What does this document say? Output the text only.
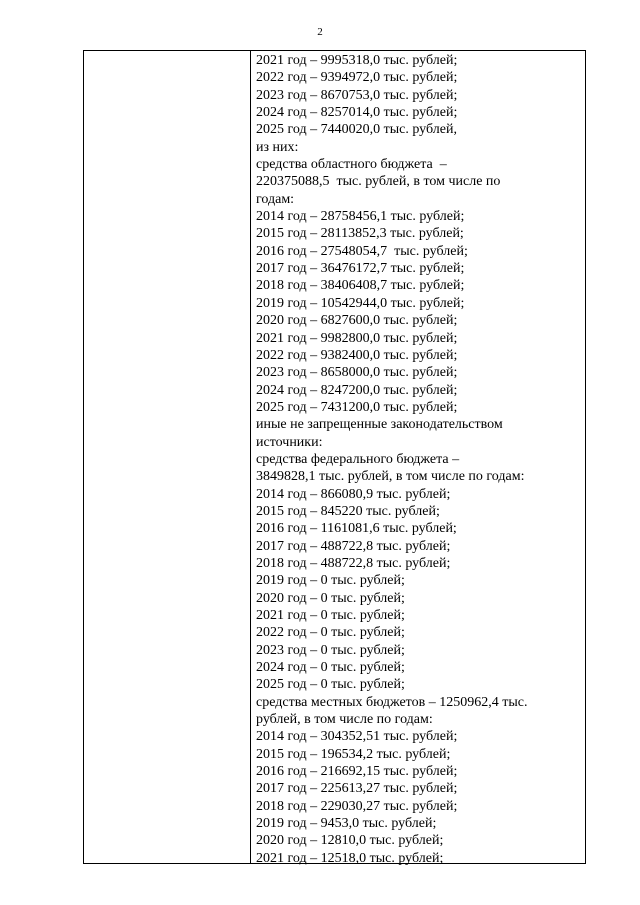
2

2021 год – 9995318,0 тыс. рублей;

2022 год – 9394972,0 тыс. рублей;

2023 год – 8670753,0 тыс. рублей;

2024 год – 8257014,0 тыс. рублей;

2025 год – 7440020,0 тыс. рублей,

из них:

средства областного бюджета  –

220375088,5  тыс. рублей, в том числе по

годам:

2014 год – 28758456,1 тыс. рублей;

2015 год – 28113852,3 тыс. рублей;

2016 год – 27548054,7  тыс. рублей;

2017 год – 36476172,7 тыс. рублей;

2018 год – 38406408,7 тыс. рублей;

2019 год – 10542944,0 тыс. рублей;

2020 год – 6827600,0 тыс. рублей;

2021 год – 9982800,0 тыс. рублей;

2022 год – 9382400,0 тыс. рублей;

2023 год – 8658000,0 тыс. рублей;

2024 год – 8247200,0 тыс. рублей;

2025 год – 7431200,0 тыс. рублей;

иные не запрещенные законодательством

источники:

средства федерального бюджета –

3849828,1 тыс. рублей, в том числе по годам:

2014 год – 866080,9 тыс. рублей;

2015 год – 845220 тыс. рублей;

2016 год – 1161081,6 тыс. рублей;

2017 год – 488722,8 тыс. рублей;

2018 год – 488722,8 тыс. рублей;

2019 год – 0 тыс. рублей;

2020 год – 0 тыс. рублей;

2021 год – 0 тыс. рублей;

2022 год – 0 тыс. рублей;

2023 год – 0 тыс. рублей;

2024 год – 0 тыс. рублей;

2025 год – 0 тыс. рублей;

средства местных бюджетов – 1250962,4 тыс.

рублей, в том числе по годам:

2014 год – 304352,51 тыс. рублей;

2015 год – 196534,2 тыс. рублей;

2016 год – 216692,15 тыс. рублей;

2017 год – 225613,27 тыс. рублей;

2018 год – 229030,27 тыс. рублей;

2019 год – 9453,0 тыс. рублей;

2020 год – 12810,0 тыс. рублей;

2021 год – 12518,0 тыс. рублей;
